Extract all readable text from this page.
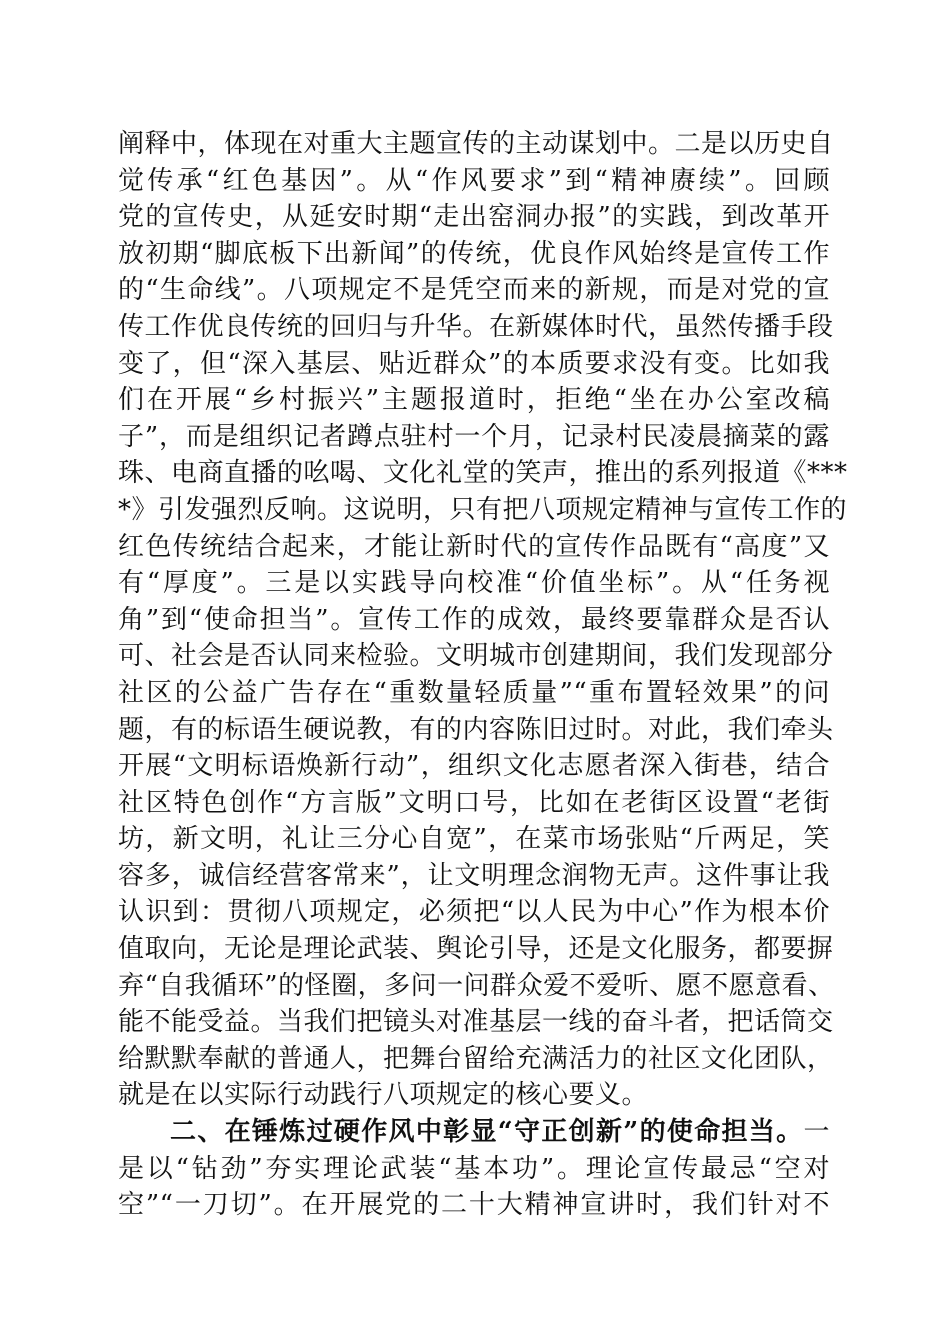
阐释中，体现在对重大主题宣传的主动谋划中。二是以历史自
觉传承“红色基因”。从“作风要求”到“精神赓续”。回顾
党的宣传史，从延安时期“走出窑洞办报”的实践，到改革开
放初期“脚底板下出新闻”的传统，优良作风始终是宣传工作
的“生命线”。八项规定不是凭空而来的新规，而是对党的宣
传工作优良传统的回归与升华。在新媒体时代，虽然传播手段
变了，但“深入基层、贴近群众”的本质要求没有变。比如我
们在开展“乡村振兴”主题报道时，拒绝“坐在办公室改稿
子”，而是组织记者蹲点驻村一个月，记录村民凌晨摘菜的露
珠、电商直播的吆喝、文化礼堂的笑声，推出的系列报道《***
*》引发强烈反响。这说明，只有把八项规定精神与宣传工作的
红色传统结合起来，才能让新时代的宣传作品既有“高度”又
有“厚度”。三是以实践导向校准“价值坐标”。从“任务视
角”到“使命担当”。宣传工作的成效，最终要靠群众是否认
可、社会是否认同来检验。文明城市创建期间，我们发现部分
社区的公益广告存在“重数量轻质量”“重布置轻效果”的问
题，有的标语生硬说教，有的内容陈旧过时。对此，我们牵头
开展“文明标语焕新行动”，组织文化志愿者深入街巷，结合
社区特色创作“方言版”文明口号，比如在老街区设置“老街
坊，新文明，礼让三分心自宽”，在菜市场张贴“斤两足，笑
容多，诚信经营客常来”，让文明理念润物无声。这件事让我
认识到：贯彻八项规定，必须把“以人民为中心”作为根本价
值取向，无论是理论武装、舆论引导，还是文化服务，都要摒
弃“自我循环”的怪圈，多问一问群众爱不爱听、愿不愿意看、
能不能受益。当我们把镜头对准基层一线的奋斗者，把话筒交
给默默奉献的普通人，把舞台留给充满活力的社区文化团队，
就是在以实际行动践行八项规定的核心要义。
二、在锤炼过硬作风中彰显“守正创新”的使命担当。一
是以“钻劲”夯实理论武装“基本功”。理论宣传最忌“空对
空”“一刀切”。在开展党的二十大精神宣讲时，我们针对不
